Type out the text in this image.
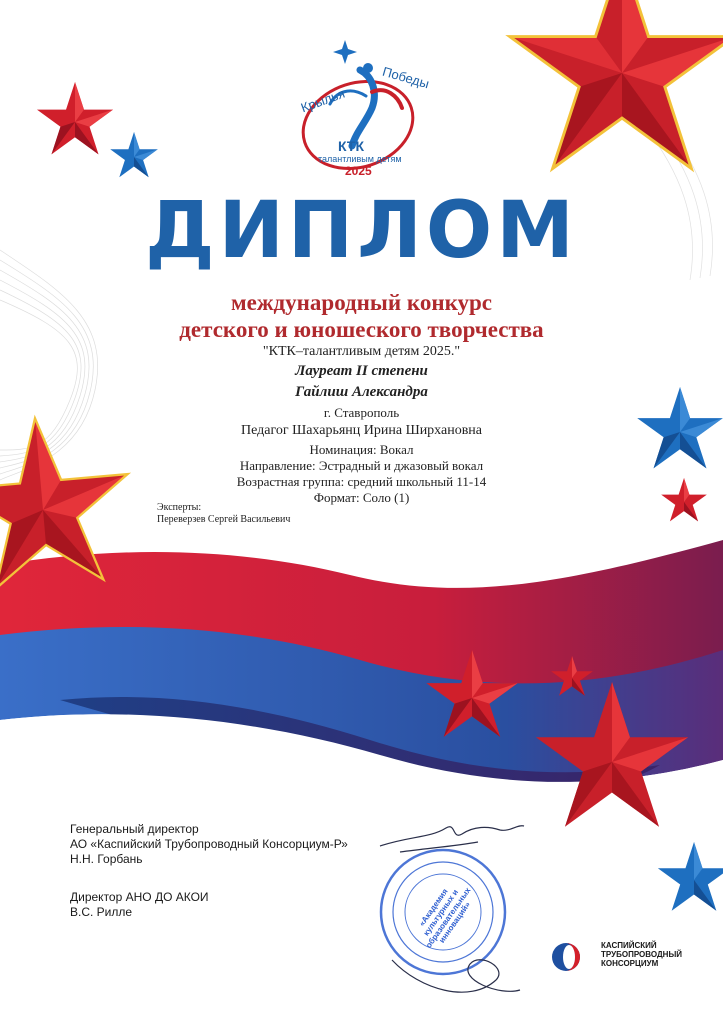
Крылья
Победы
КТК
талантливым детям
2025
ДИПЛОМ
международный конкурс
детского и юношеского творчества
"КТК–талантливым детям 2025."
Лауреат II степени
Гайлиш Александра
г. Ставрополь
Педагог Шахарьянц Ирина Ширхановна
Номинация: Вокал
Направление: Эстрадный и джазовый вокал
Возрастная группа: средний школьный 11-14
Формат: Соло (1)
Эксперты:
Переверзев Сергей Васильевич
Генеральный директор
АО «Каспийский Трубопроводный Консорциум-Р»
Н.Н. Горбань
Директор АНО ДО АКОИ
В.С. Рилле	«Академия культурных и образовательных инноваций»
КАСПИЙСКИЙ
ТРУБОПРОВОДНЫЙ
КОНСОРЦИУМ
